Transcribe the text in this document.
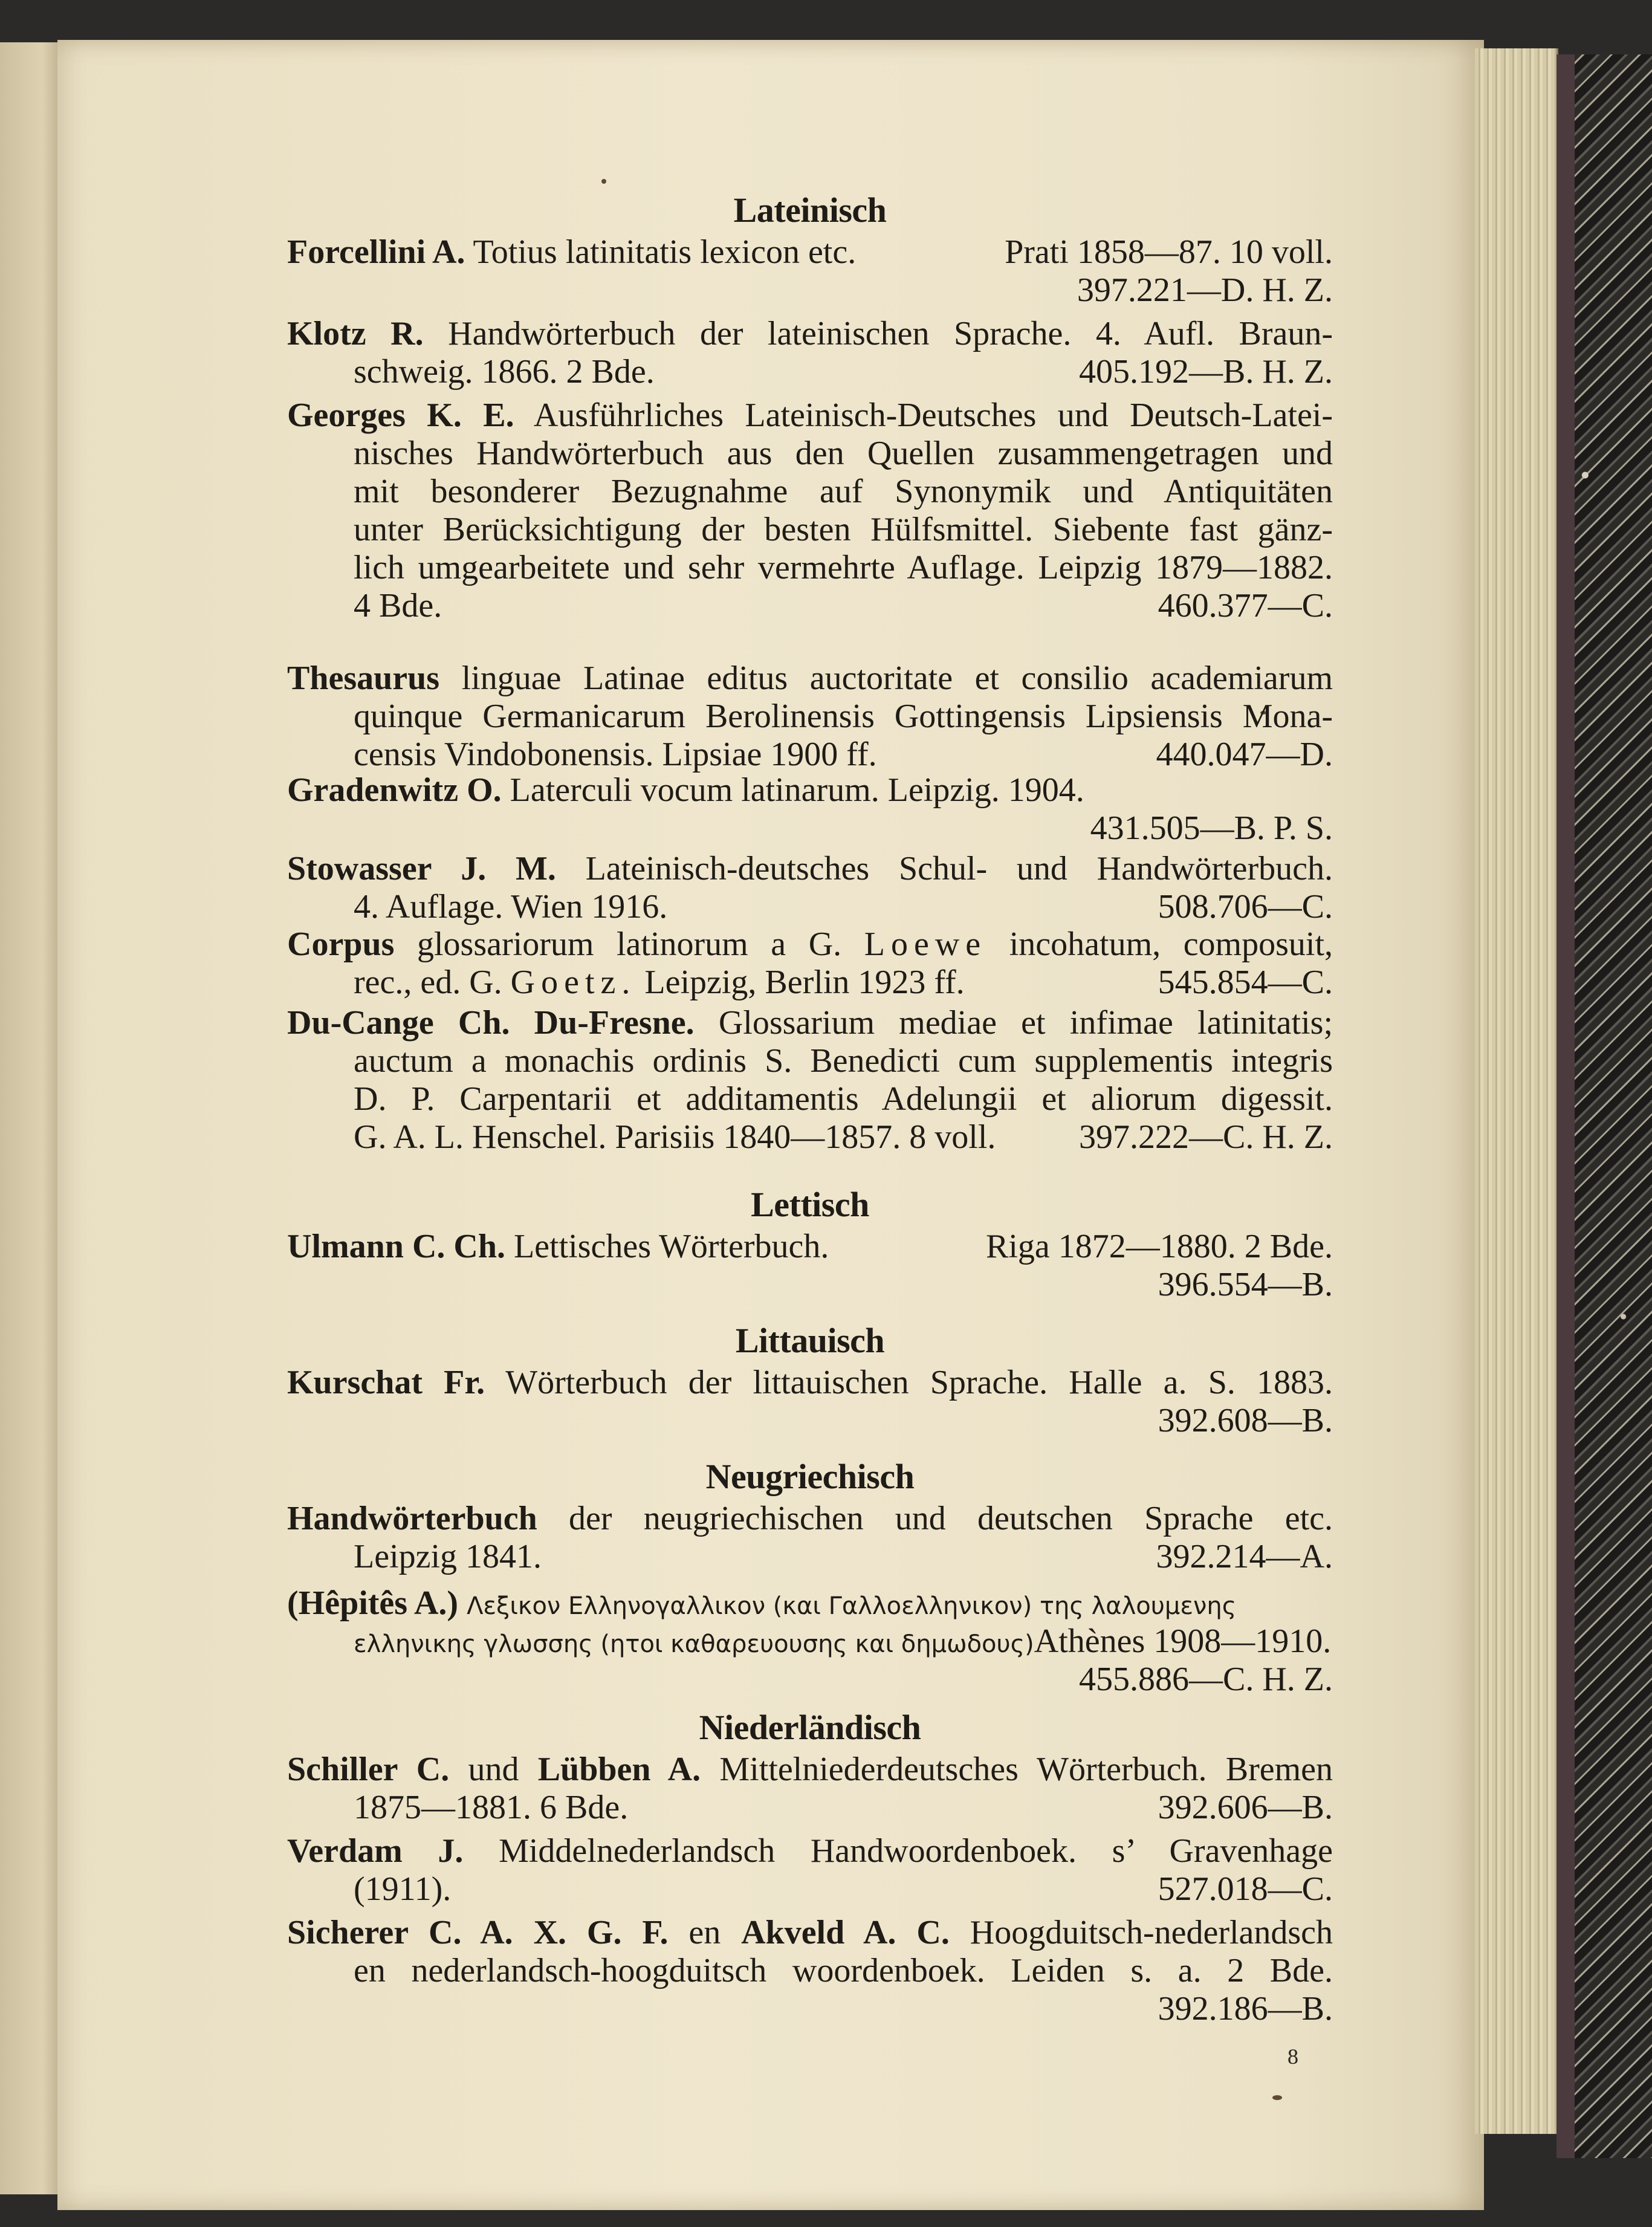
Lateinisch
Forcellini A. Totius latinitatis lexicon etc.	Prati 1858—87. 10 voll.
397.221—D. H. Z.
Klotz R. Handwörterbuch der lateinischen Sprache. 4. Aufl. Braun-
schweig. 1866. 2 Bde.	405.192—B. H. Z.
Georges K. E. Ausführliches Lateinisch-Deutsches und Deutsch-Latei-
nisches Handwörterbuch aus den Quellen zusammengetragen und
mit besonderer Bezugnahme auf Synonymik und Antiquitäten
unter Berücksichtigung der besten Hülfsmittel. Siebente fast gänz-
lich umgearbeitete und sehr vermehrte Auflage. Leipzig 1879—1882.
4 Bde.	460.377—C.
Thesaurus linguae Latinae editus auctoritate et consilio academiarum
quinque Germanicarum Berolinensis Gottingensis Lipsiensis Mona-
censis Vindobonensis. Lipsiae 1900 ff.	440.047—D.
Gradenwitz O. Laterculi vocum latinarum. Leipzig. 1904.
431.505—B. P. S.
Stowasser J. M. Lateinisch-deutsches Schul- und Handwörterbuch.
4. Auflage. Wien 1916.	508.706—C.
Corpus glossariorum latinorum a G. Loewe incohatum, composuit,
rec., ed. G. Goetz. Leipzig, Berlin 1923 ff.	545.854—C.
Du-Cange Ch. Du-Fresne. Glossarium mediae et infimae latinitatis;
auctum a monachis ordinis S. Benedicti cum supplementis integris
D. P. Carpentarii et additamentis Adelungii et aliorum digessit.
G. A. L. Henschel. Parisiis 1840—1857. 8 voll. 397.222—C. H. Z.
Lettisch
Ulmann C. Ch. Lettisches Wörterbuch.	Riga 1872—1880. 2 Bde.
396.554—B.
Littauisch
Kurschat Fr. Wörterbuch der littauischen Sprache. Halle a. S. 1883.
392.608—B.
Neugriechisch
Handwörterbuch der neugriechischen und deutschen Sprache etc.
Leipzig 1841.	392.214—A.
(Hêpitês A.) Λεξικον Ελληνογαλλικον (και Γαλλοελληνικον) της λαλουμενης
ελληνικης γλωσσης (ητοι καθαρευουσης και δημωδους)Athènes 1908—1910.
455.886—C. H. Z.
Niederländisch
Schiller C. und Lübben A. Mittelniederdeutsches Wörterbuch. Bremen
1875—1881. 6 Bde.	392.606—B.
Verdam J. Middelnederlandsch Handwoordenboek. s’ Gravenhage
(1911).	527.018—C.
Sicherer C. A. X. G. F. en Akveld A. C. Hoogduitsch-nederlandsch
en nederlandsch-hoogduitsch woordenboek. Leiden s. a. 2 Bde.
392.186—B.
8
